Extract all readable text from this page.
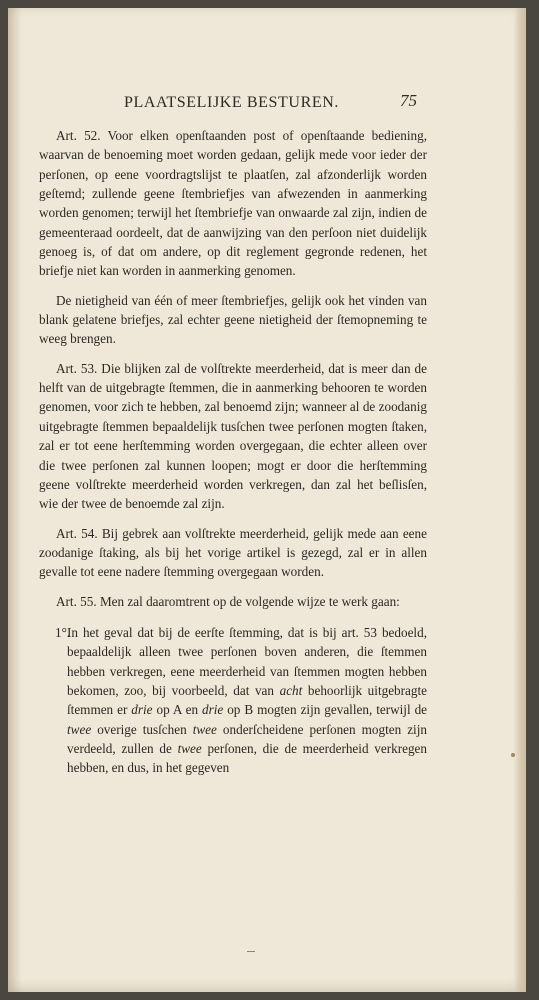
PLAATSELIJKE BESTUREN.	75

Art. 52. Voor elken openſtaanden post of openſtaande bediening, waarvan de benoeming moet worden gedaan, gelijk mede voor ieder der perſonen, op eene voordragtslijst te plaatſen, zal afzonderlijk worden geſtemd; zullende geene ſtembriefjes van afwezenden in aanmerking worden genomen; terwijl het ſtembriefje van onwaarde zal zijn, indien de gemeenteraad oordeelt, dat de aanwijzing van den perſoon niet duidelijk genoeg is, of dat om andere, op dit reglement gegronde redenen, het briefje niet kan worden in aanmerking genomen.

De nietigheid van één of meer ſtembriefjes, gelijk ook het vinden van blank gelatene briefjes, zal echter geene nietigheid der ſtemopneming te weeg brengen.

Art. 53. Die blijken zal de volſtrekte meerderheid, dat is meer dan de helft van de uitgebragte ſtemmen, die in aanmerking behooren te worden genomen, voor zich te hebben, zal benoemd zijn; wanneer al de zoodanig uitgebragte ſtemmen bepaaldelijk tusſchen twee perſonen mogten ſtaken, zal er tot eene herſtemming worden overgegaan, die echter alleen over die twee perſonen zal kunnen loopen; mogt er door die herſtemming geene volſtrekte meerderheid worden verkregen, dan zal het beſlisſen, wie der twee de benoemde zal zijn.

Art. 54. Bij gebrek aan volſtrekte meerderheid, gelijk mede aan eene zoodanige ſtaking, als bij het vorige artikel is gezegd, zal er in allen gevalle tot eene nadere ſtemming overgegaan worden.

Art. 55. Men zal daaromtrent op de volgende wijze te werk gaan:

1°.
In het geval dat bij de eerſte ſtemming, dat is bij art. 53 bedoeld, bepaaldelijk alleen twee perſonen boven anderen, die ſtemmen hebben verkregen, eene meerderheid van ſtemmen mogten hebben bekomen, zoo, bij voorbeeld, dat van acht behoorlijk uitgebragte ſtemmen er drie op A en drie op B mogten zijn gevallen, terwijl de twee overige tusſchen twee onderſcheidene perſonen mogten zijn verdeeld, zullen de twee perſonen, die de meerderheid verkregen hebben, en dus, in het gegeven
